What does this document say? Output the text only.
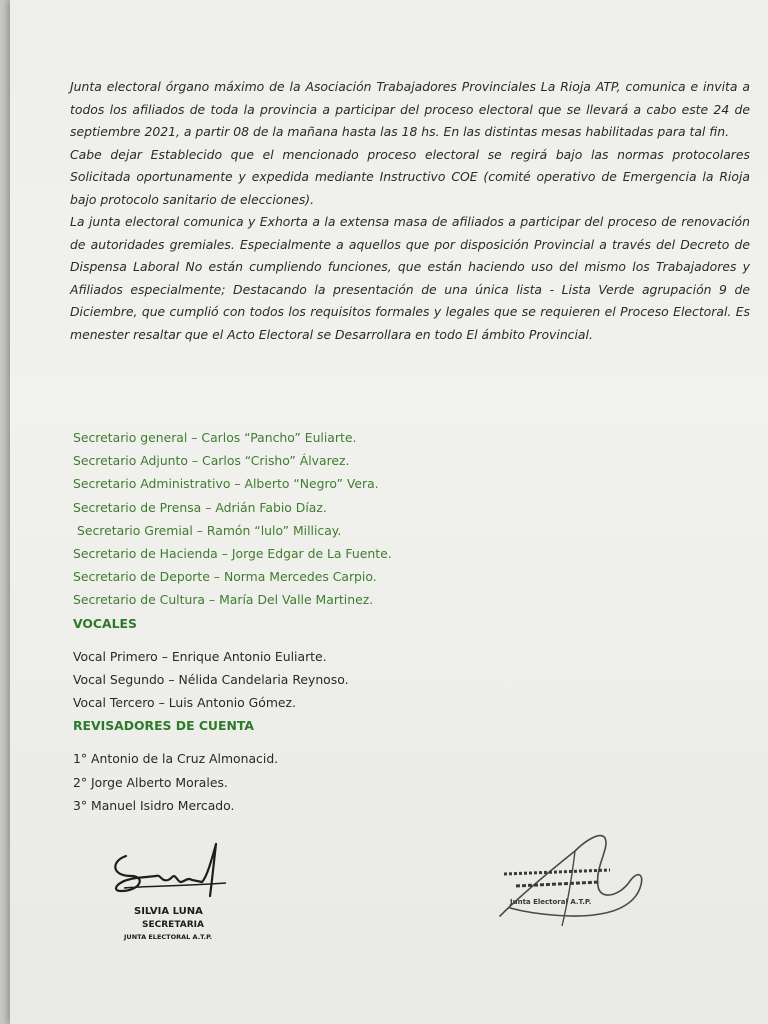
Junta electoral órgano máximo de la Asociación Trabajadores Provinciales La Rioja ATP, comunica e invita a todos los afiliados de toda la provincia a participar del proceso electoral que se llevará a cabo este 24 de septiembre 2021, a partir 08 de la mañana hasta las 18 hs. En las distintas mesas habilitadas para tal fin.

Cabe dejar Establecido que el mencionado proceso electoral se regirá bajo las normas protocolares Solicitada oportunamente y expedida mediante Instructivo COE (comité operativo de Emergencia la Rioja bajo protocolo sanitario de elecciones).

La junta electoral comunica y Exhorta a la extensa masa de afiliados a participar del proceso de renovación de autoridades gremiales. Especialmente a aquellos que por disposición Provincial a través del Decreto de Dispensa Laboral No están cumpliendo funciones, que están haciendo uso del mismo los Trabajadores y Afiliados especialmente; Destacando la presentación de una única lista - Lista Verde agrupación 9 de Diciembre, que cumplió con todos los requisitos formales y legales que se requieren el Proceso Electoral. Es menester resaltar que el Acto Electoral se Desarrollara en todo El ámbito Provincial.

Secretario general – Carlos “Pancho” Euliarte.
Secretario Adjunto – Carlos “Crisho” Álvarez.
Secretario Administrativo – Alberto “Negro” Vera.
Secretario de Prensa – Adrián Fabio Díaz.
Secretario Gremial – Ramón “lulo” Millicay.
Secretario de Hacienda – Jorge Edgar de La Fuente.
Secretario de Deporte – Norma Mercedes Carpio.
Secretario de Cultura – María Del Valle Martinez.
VOCALES
Vocal Primero – Enrique Antonio Euliarte.
Vocal Segundo – Nélida Candelaria Reynoso.
Vocal Tercero – Luis Antonio Gómez.
REVISADORES DE CUENTA
1° Antonio de la Cruz Almonacid.
2° Jorge Alberto Morales.
3° Manuel Isidro Mercado.
SILVIA LUNA
SECRETARIA
JUNTA ELECTORAL A.T.P.
Junta Electoral A.T.P.
